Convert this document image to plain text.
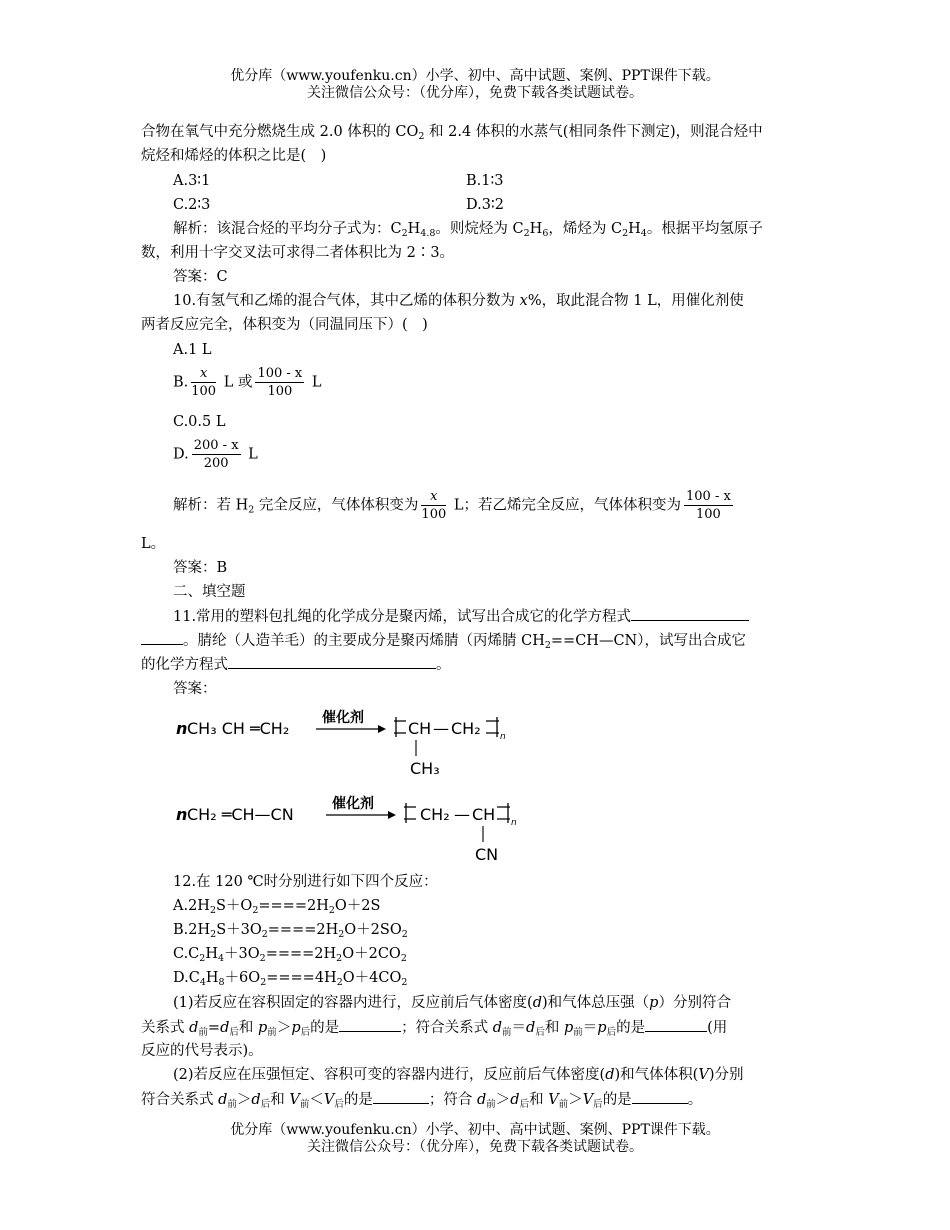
优分库（www.youfenku.cn）小学、初中、高中试题、案例、PPT课件下载。
关注微信公众号：（优分库），免费下载各类试题试卷。
合物在氧气中充分燃烧生成 2.0 体积的 $CO_2$ 和 2.4 体积的水蒸气(相同条件下测定)，则混合烃中
烷烃和烯烃的体积之比是(　)
A.3∶1	B.1∶3
C.2∶3	D.3∶2
解析：该混合烃的平均分子式为：$C_2H_{4.8}$。则烷烃为 $C_2H_6$，烯烃为 $C_2H_4$。根据平均氢原子
数，利用十字交叉法可求得二者体积比为 2∶3。
答案：C
10.有氢气和乙烯的混合气体，其中乙烯的体积分数为 x%，取此混合物 1 L，用催化剂使
两者反应完全，体积变为（同温同压下）(　)
A.1 L
B. $\frac{x}{100}$ L 或 $\frac{100 - x}{100}$ L
C.0.5 L
D. $\frac{200 - x}{200}$ L
解析：若 $H_2$ 完全反应，气体体积变为 $\frac{x}{100}$ L；若乙烯完全反应，气体体积变为 $\frac{100 - x}{100}$
L。
答案：B
二、填空题
11.常用的塑料包扎绳的化学成分是聚丙烯，试写出合成它的化学方程式
。腈纶（人造羊毛）的主要成分是聚丙烯腈（丙烯腈 $CH_2==CH—CN$），试写出合成它
的化学方程式	。
答案：
n CH₃ CH ═CH₂
催化剂
CH — CH₂ n
CH₃
n CH₂ ═CH—CN
催化剂
CH₂ — CH n
CN
12.在 120 ℃时分别进行如下四个反应：
$A.2H_2S+O_2====2H_2O+2S$
$B.2H_2S+3O_2====2H_2O+2SO_2$
$C.C_2H_4+3O_2====2H_2O+2CO_2$
$D.C_4H_8+6O_2====4H_2O+4CO_2$
(1)若反应在容积固定的容器内进行，反应前后气体密度(d)和气体总压强（p）分别符合
关系式 $d_前=d_后$和 $p_前>p_后$的是	；符合关系式 $d_前=d_后$和 $p_前=p_后$的是	(用
反应的代号表示)。
(2)若反应在压强恒定、容积可变的容器内进行，反应前后气体密度(d)和气体体积(V)分别
符合关系式 $d_前>d_后$和 $V_前<V_后$的是	；符合 $d_前>d_后$和 $V_前>V_后$的是	。
优分库（www.youfenku.cn）小学、初中、高中试题、案例、PPT课件下载。
关注微信公众号：（优分库），免费下载各类试题试卷。
